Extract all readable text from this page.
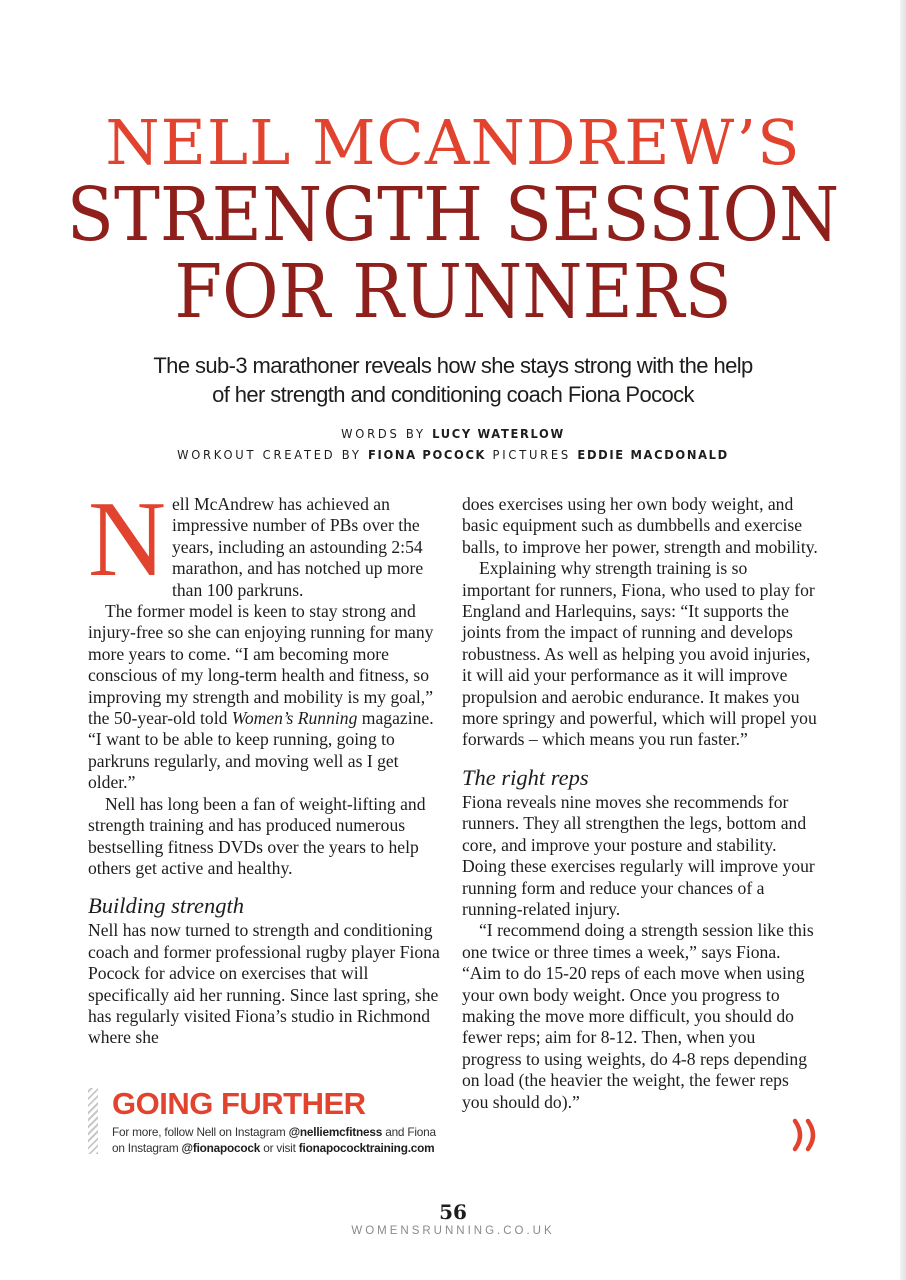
NELL MCANDREW’S
STRENGTH SESSION
FOR RUNNERS
The sub-3 marathoner reveals how she stays strong with the help
of her strength and conditioning coach Fiona Pocock

WORDS BY LUCY WATERLOW

WORKOUT CREATED BY FIONA POCOCK PICTURES EDDIE MACDONALD

Nell McAndrew has achieved an impressive number of PBs over the years, including an astounding 2:54 marathon, and has notched up more than 100 parkruns.

The former model is keen to stay strong and injury-free so she can enjoying running for many more years to come. “I am becoming more conscious of my long-term health and fitness, so improving my strength and mobility is my goal,” the 50-year-old told Women’s Running magazine. “I want to be able to keep running, going to parkruns regularly, and moving well as I get older.”

Nell has long been a fan of weight-lifting and strength training and has produced numerous bestselling fitness DVDs over the years to help others get active and healthy.

Building strength

Nell has now turned to strength and conditioning coach and former professional rugby player Fiona Pocock for advice on exercises that will specifically aid her running. Since last spring, she has regularly visited Fiona’s studio in Richmond where she

does exercises using her own body weight, and basic equipment such as dumbbells and exercise balls, to improve her power, strength and mobility.

Explaining why strength training is so important for runners, Fiona, who used to play for England and Harlequins, says: “It supports the joints from the impact of running and develops robustness. As well as helping you avoid injuries, it will aid your performance as it will improve propulsion and aerobic endurance. It makes you more springy and powerful, which will propel you forwards – which means you run faster.”

The right reps

Fiona reveals nine moves she recommends for runners. They all strengthen the legs, bottom and core, and improve your posture and stability. Doing these exercises regularly will improve your running form and reduce your chances of a running-related injury.

“I recommend doing a strength session like this one twice or three times a week,” says Fiona. “Aim to do 15-20 reps of each move when using your own body weight. Once you progress to making the move more difficult, you should do fewer reps; aim for 8-12. Then, when you progress to using weights, do 4-8 reps depending on load (the heavier the weight, the fewer reps you should do).”

GOING FURTHER

For more, follow Nell on Instagram @nelliemcfitness and Fiona on Instagram @fionapocock or visit fionapococktraining.com

56

WOMENSRUNNING.CO.UK
